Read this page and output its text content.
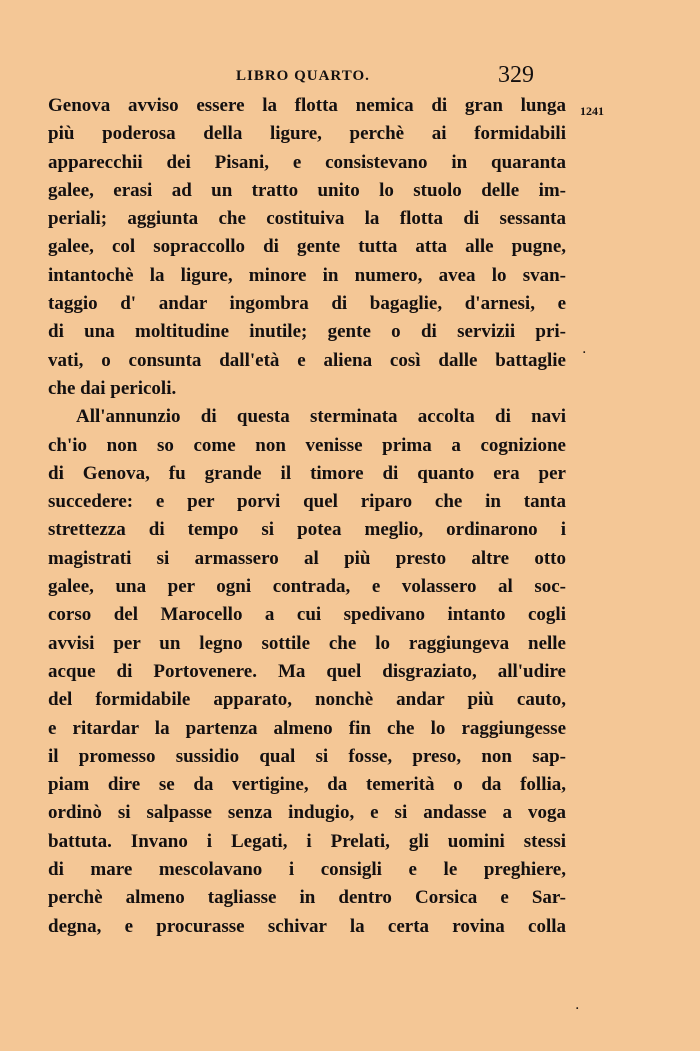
LIBRO QUARTO.	329
1241
.
.
Genova avviso essere la flotta nemica di gran lunga
più poderosa della ligure, perchè ai formidabili
apparecchii dei Pisani, e consistevano in quaranta
galee, erasi ad un tratto unito lo stuolo delle im-
periali; aggiunta che costituiva la flotta di sessanta
galee, col sopraccollo di gente tutta atta alle pugne,
intantochè la ligure, minore in numero, avea lo svan-
taggio d' andar ingombra di bagaglie, d'arnesi, e
di una moltitudine inutile; gente o di servizii pri-
vati, o consunta dall'età e aliena così dalle battaglie
che dai pericoli.
All'annunzio di questa sterminata accolta di navi
ch'io non so come non venisse prima a cognizione
di Genova, fu grande il timore di quanto era per
succedere: e per porvi quel riparo che in tanta
strettezza di tempo si potea meglio, ordinarono i
magistrati si armassero al più presto altre otto
galee, una per ogni contrada, e volassero al soc-
corso del Marocello a cui spedivano intanto cogli
avvisi per un legno sottile che lo raggiungeva nelle
acque di Portovenere. Ma quel disgraziato, all'udire
del formidabile apparato, nonchè andar più cauto,
e ritardar la partenza almeno fin che lo raggiungesse
il promesso sussidio qual si fosse, preso, non sap-
piam dire se da vertigine, da temerità o da follia,
ordinò si salpasse senza indugio, e si andasse a voga
battuta. Invano i Legati, i Prelati, gli uomini stessi
di mare mescolavano i consigli e le preghiere,
perchè almeno tagliasse in dentro Corsica e Sar-
degna, e procurasse schivar la certa rovina colla
